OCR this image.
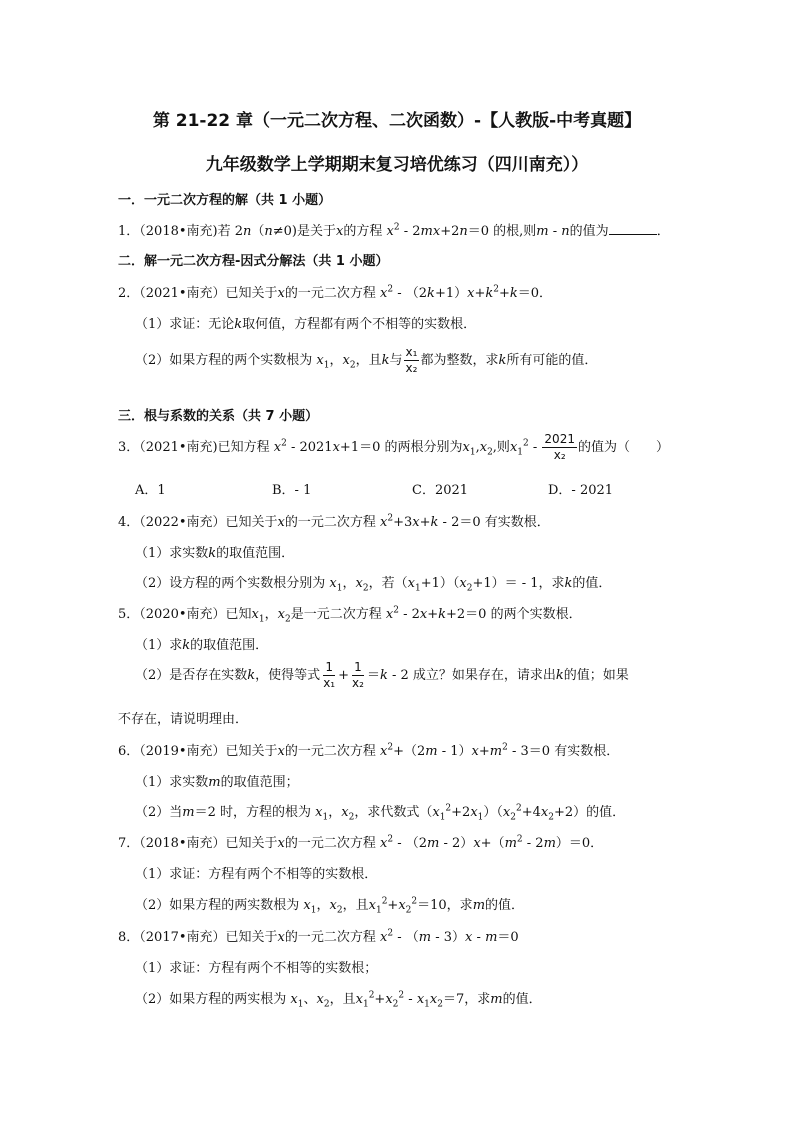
第 21-22 章（一元二次方程、二次函数）-【人教版-中考真题】
九年级数学上学期期末复习培优练习（四川南充））
一．一元二次方程的解（共 1 小题）
1．（2018•南充)若 2n（n≠0)是关于x的方程 $x^2 - 2mx+2n=0$ 的根,则m - n的值为	．
二．解一元二次方程-因式分解法（共 1 小题）
2．（2021•南充）已知关于x的一元二次方程 $x^2 - (2k+1)x+k^2+k=0$．
（1）求证：无论k取何值，方程都有两个不相等的实数根．
（2）如果方程的两个实数根为 $x_1$，$x_2$，且k与 $\frac{\text{x₁}}{\text{x₂}}$ 都为整数，求k所有可能的值．
三．根与系数的关系（共 7 小题）
3．（2021•南充)已知方程 $x^2 - 2021x+1=0$ 的两根分别为$x_1,x_2$,则$x_1^2 - \frac{2021}{\text{x₂}}$ 的值为（　　）
A．1	B．- 1	C．2021	D．- 2021
4．（2022•南充）已知关于x的一元二次方程 $x^2+3x+k - 2=0$ 有实数根．
（1）求实数k的取值范围．
（2）设方程的两个实数根分别为 $x_1$，$x_2$，若$(x_1+1)(x_2+1)= - 1$，求k的值．
5．（2020•南充）已知$x_1$，$x_2$是一元二次方程 $x^2 - 2x+k+2=0$ 的两个实数根．
（1）求k的取值范围．
（2）是否存在实数k，使得等式 $\frac{1}{\text{x₁}} + \frac{1}{\text{x₂}} =k - 2$ 成立？如果存在，请求出k的值；如果
不存在，请说明理由．
6．（2019•南充）已知关于x的一元二次方程 $x^2+(2m - 1)x+m^2 - 3=0$ 有实数根．
（1）求实数m的取值范围；
（2）当m＝2 时，方程的根为 $x_1$，$x_2$，求代数式$(x_1^2+2x_1)(x_2^2+4x_2+2)$的值．
7．（2018•南充）已知关于x的一元二次方程 $x^2 - (2m - 2)x+(m^2 - 2m)=0$．
（1）求证：方程有两个不相等的实数根．
（2）如果方程的两实数根为 $x_1$，$x_2$，且$x_1^2+x_2^2=10$，求m的值．
8．（2017•南充）已知关于x的一元二次方程 $x^2 - (m - 3)x - m=0$
（1）求证：方程有两个不相等的实数根；
（2）如果方程的两实根为 $x_1$、$x_2$，且$x_1^2+x_2^2 - x_1x_2=7$，求m的值．
